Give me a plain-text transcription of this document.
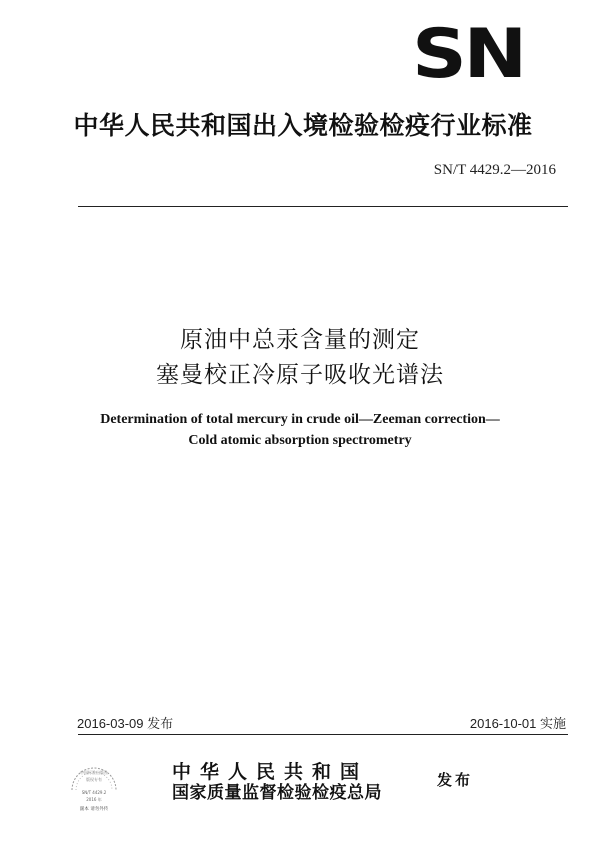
SN
中华人民共和国出入境检验检疫行业标准
SN/T 4429.2—2016
原油中总汞含量的测定
塞曼校正冷原子吸收光谱法
Determination of total mercury in crude oil—Zeeman correction—
Cold atomic absorption spectrometry
2016-03-09 发布	2016-10-01 实施
中国标准出版社
版权专有
SN/T 4429.2
2016 年
副本 请勿外传
中华人民共和国
国家质量监督检验检疫总局
发布
